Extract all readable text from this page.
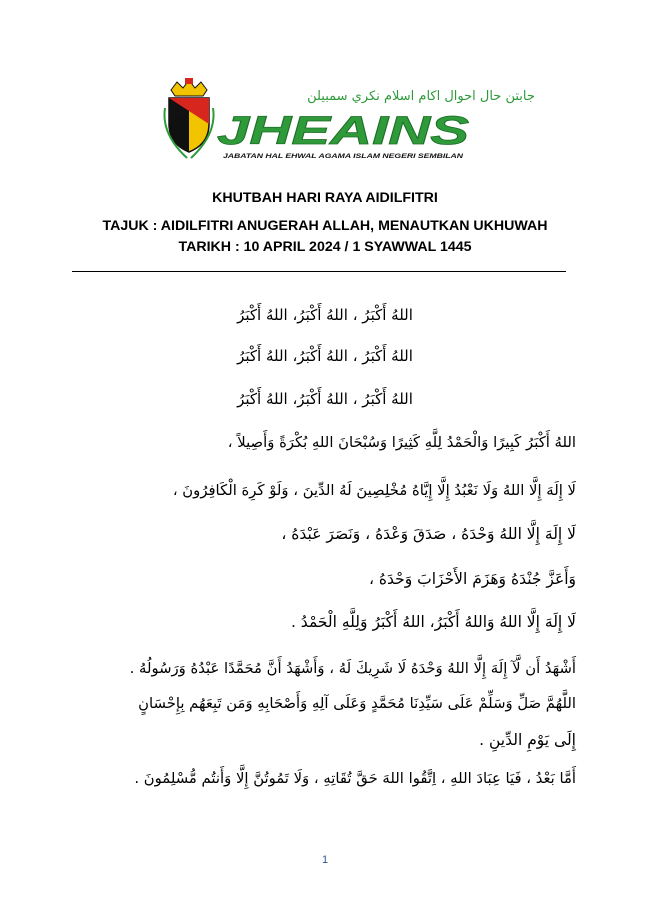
جابتن حال احوال اكام اسلام نكري سمبيلن
JHEAINS
JABATAN HAL EHWAL AGAMA ISLAM NEGERI SEMBILAN
KHUTBAH HARI RAYA AIDILFITRI
TAJUK : AIDILFITRI ANUGERAH ALLAH, MENAUTKAN UKHUWAH
TARIKH : 10 APRIL 2024 / 1 SYAWWAL 1445
اللهُ أَكْبَرُ ، اللهُ أَكْبَرُ، اللهُ أَكْبَرُ
اللهُ أَكْبَرُ ، اللهُ أَكْبَرُ، اللهُ أَكْبَرُ
اللهُ أَكْبَرُ ، اللهُ أَكْبَرُ، اللهُ أَكْبَرُ
اللهُ أَكْبَرُ كَبِيرًا وَالْحَمْدُ لِلَّهِ كَثِيرًا وَسُبْحَانَ اللهِ بُكْرَةً وَأَصِيلاً ،
لَا إِلَهَ إِلَّا اللهُ وَلَا نَعْبُدُ إِلَّا إِيَّاهُ مُخْلِصِينَ لَهُ الدِّينَ ، وَلَوْ كَرِهَ الْكَافِرُونَ ،
لَا إِلَهَ إِلَّا اللهُ وَحْدَهُ ، صَدَقَ وَعْدَهُ ، وَنَصَرَ عَبْدَهُ ،
وَأَعَزَّ جُنْدَهُ وَهَزَمَ الأَحْزَابَ وَحْدَهُ ،
لَا إِلَهَ إِلَّا اللهُ وَاللهُ أَكْبَرُ، اللهُ أَكْبَرُ وَلِلَّهِ الْحَمْدُ .
أَشْهَدُ أَن لَّآ إِلَهَ إِلَّا اللهُ وَحْدَهُ لَا شَرِيكَ لَهُ ، وَأَشْهَدُ أَنَّ مُحَمَّدًا عَبْدُهُ وَرَسُولُهُ .
اللَّهُمَّ صَلِّ وَسَلِّمْ عَلَى سَيِّدِنَا مُحَمَّدٍ وَعَلَى آلِهِ وَأَصْحَابِهِ وَمَن تَبِعَهُم بِإِحْسَانٍ
إِلَى يَوْمِ الدِّينِ .
أَمَّا بَعْدُ ، فَيَا عِبَادَ اللهِ ، اِتَّقُوا اللهَ حَقَّ تُقَاتِهِ ، وَلَا تَمُوتُنَّ إِلَّا وَأَنتُم مُّسْلِمُونَ .
1
